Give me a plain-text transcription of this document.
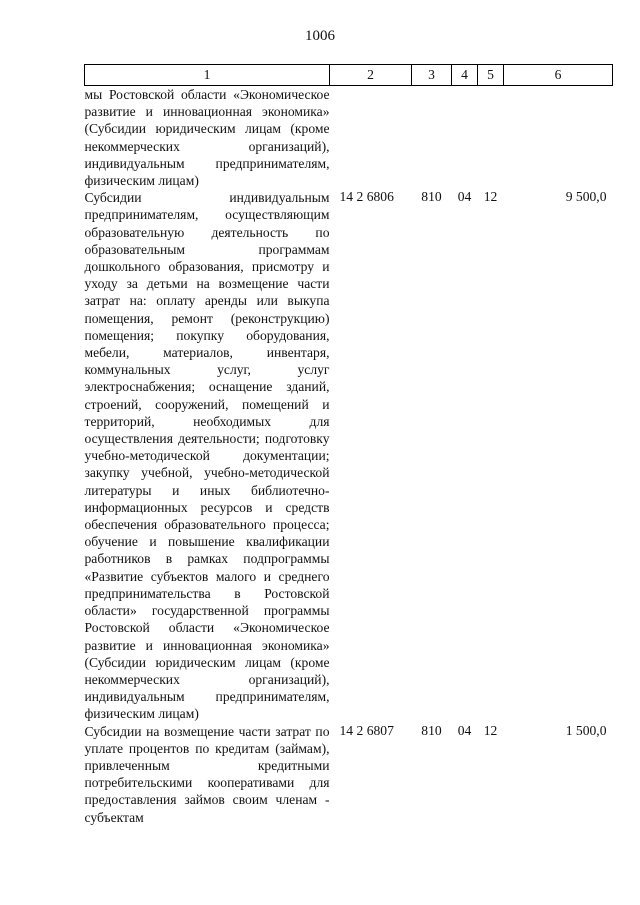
1006
1	2	3	4	5	6
мы Ростовской области «Экономическое развитие и инновационная экономика» (Субсидии юридическим лицам (кроме некоммерческих организаций), индивидуальным предпринимателям, физическим лицам)					
Субсидии индивидуальным предпринимателям, осуществляющим образовательную деятельность по образовательным программам дошкольного образования, присмотру и уходу за детьми на возмещение части затрат на: оплату аренды или выкупа помещения, ремонт (реконструкцию) помещения; покупку оборудования, мебели, материалов, инвентаря, коммунальных услуг, услуг электроснабжения; оснащение зданий, строений, сооружений, помещений и территорий, необходимых для осуществления деятельности; подготовку учебно-методической документации; закупку учебной, учебно-методической литературы и иных библиотечно-информационных ресурсов и средств обеспечения образовательного процесса; обучение и повышение квалификации работников в рамках подпрограммы «Развитие субъектов малого и среднего предпринимательства в Ростовской области» государственной программы Ростовской области «Экономическое развитие и инновационная экономика» (Субсидии юридическим лицам (кроме некоммерческих организаций), индивидуальным предпринимателям, физическим лицам)	14 2 6806	810	04	12	9 500,0
Субсидии на возмещение части затрат по уплате процентов по кредитам (займам), привлеченным кредитными потребительскими кооперативами для предоставления займов своим членам - субъектам	14 2 6807	810	04	12	1 500,0
